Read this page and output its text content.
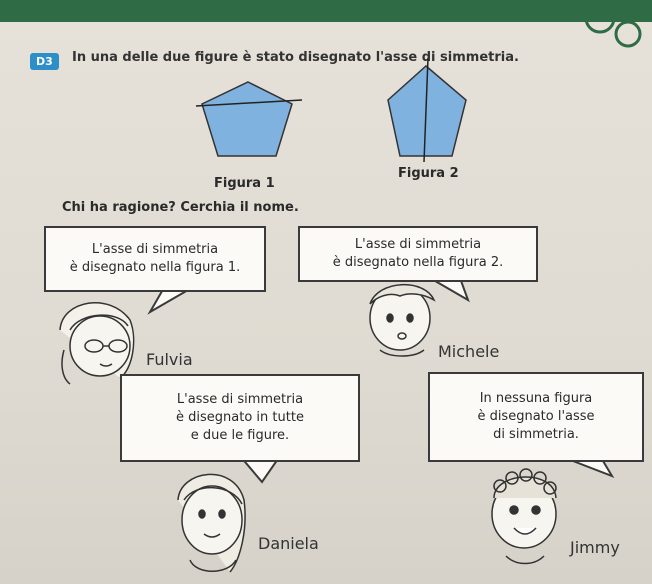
D3	In una delle due figure è stato disegnato l'asse di simmetria.
Figura 1
Figura 2
Chi ha ragione? Cerchia il nome.
L'asse di simmetria
è disegnato nella figura 1.
L'asse di simmetria
è disegnato nella figura 2.
L'asse di simmetria
è disegnato in tutte
e due le figure.
In nessuna figura
è disegnato l'asse
di simmetria.
Fulvia	Michele
Daniela	Jimmy
